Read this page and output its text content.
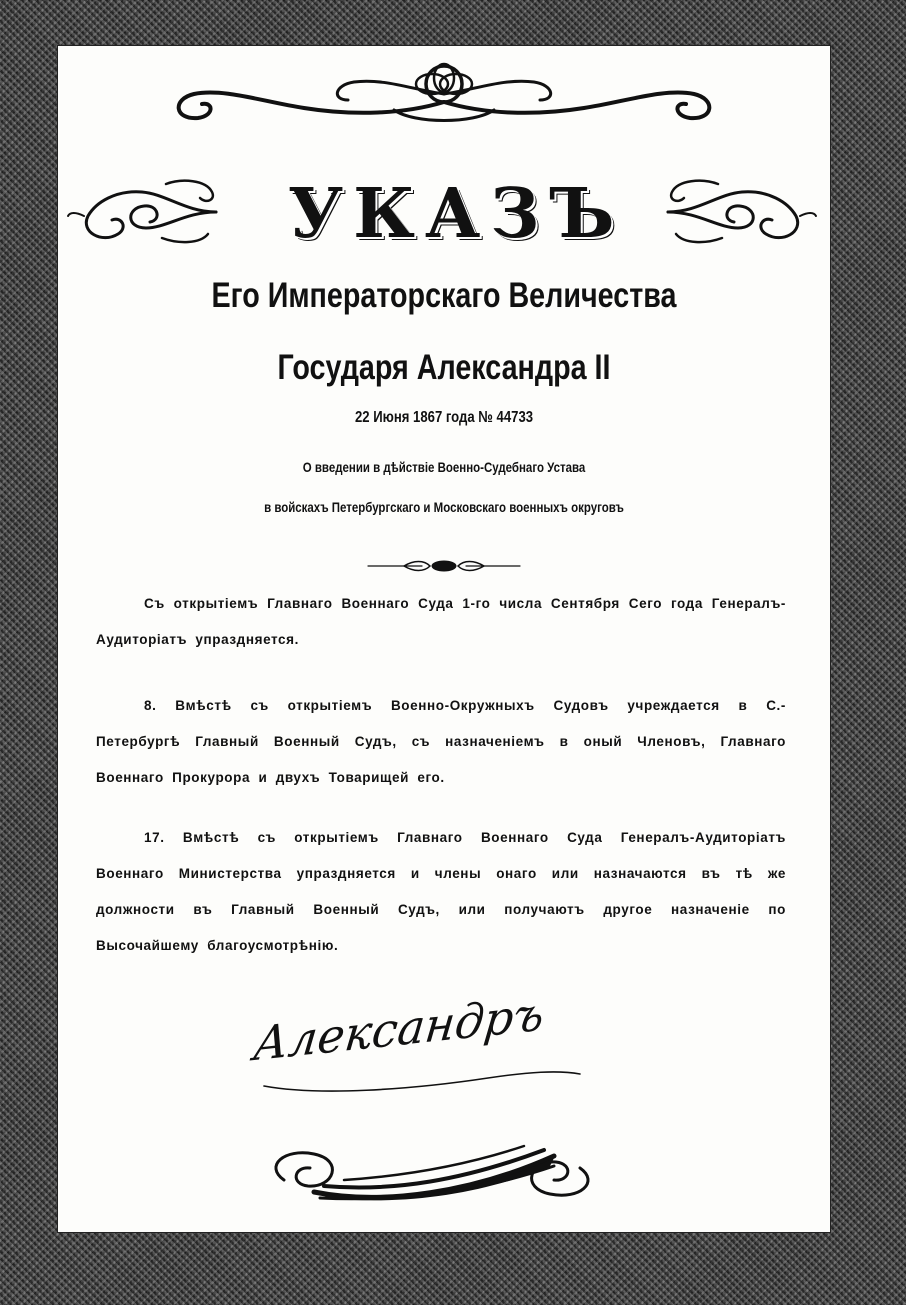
УКАЗЪ
Его Императорскаго Величества
Государя Александра II
22 Июня 1867 года № 44733
О введении в дѣйствiе Военно-Судебнаго Устава
в войскахъ Петербургскаго и Московскаго военныхъ округовъ
Съ открытiемъ Главнаго Военнаго Суда 1-го числа Сентября Сего года Генералъ-Аудиторiатъ упраздняется.
8. Вмѣстѣ съ открытiемъ Военно-Окружныхъ Судовъ учреждается в С.-Петербургѣ Главный Военный Судъ, съ назначенiемъ в оный Членовъ, Главнаго Военнаго Прокурора и двухъ Товарищей его.
17. Вмѣстѣ съ открытiемъ Главнаго Военнаго Суда Генералъ-Аудиторiатъ Военнаго Министерства упраздняется и члены онаго или назначаются въ тѣ же должности въ Главный Военный Судъ, или получаютъ другое назначенiе по Высочайшему благоусмотрѣнiю.
Александръ
